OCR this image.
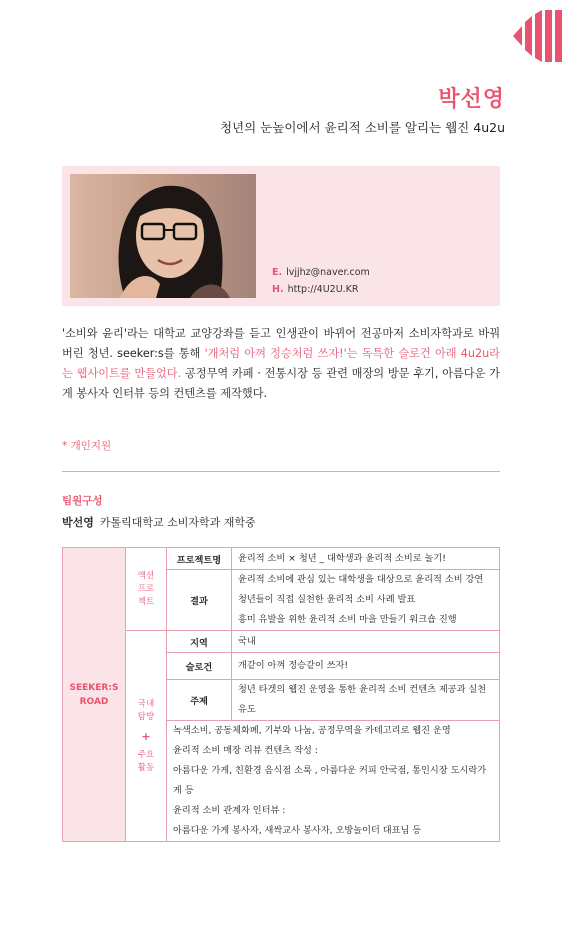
박선영
청년의 눈높이에서 윤리적 소비를 알리는 웹진 4u2u
E. lvjjhz@naver.com
H. http://4U2U.KR
'소비와 윤리'라는 대학교 교양강좌를 듣고 인생관이 바뀌어 전공마저 소비자학과로 바꿔버린 청년. seeker:s를 통해 '개처럼 아껴 정승처럼 쓰자!'는 독특한 슬로건 아래 4u2u라는 웹사이트를 만들었다. 공정무역 카페 · 전통시장 등 관련 매장의 방문 후기, 아름다운 가게 봉사자 인터뷰 등의 컨텐츠를 제작했다.
* 개인지원
팀원구성
박선영 카톨릭대학교 소비자학과 재학중
SEEKER:S
ROAD	액션
프로
젝트	프로젝트명	윤리적 소비 × 청년 _ 대학생과 윤리적 소비로 놀기!
		결과	윤리적 소비에 관심 있는 대학생을 대상으로 윤리적 소비 강연
청년들이 직접 실천한 윤리적 소비 사례 발표
흥미 유발을 위한 윤리적 소비 마을 만들기 워크숍 진행

	국내
탐방
+
주요
활동	지역	국내
		슬로건	개같이 아껴 정승같이 쓰자!
		주제	청년 타겟의 웹진 운영을 통한 윤리적 소비 컨텐츠 제공과 실천 유도

		녹색소비, 공동체화폐, 기부와 나눔, 공정무역을 카테고리로 웹진 운영
윤리적 소비 매장 리뷰 컨텐츠 작성 :
아름다운 가게, 친환경 음식점 소룩 , 아름다운 커피 안국점, 통인시장 도시락가게 등
윤리적 소비 관계자 인터뷰 :
아름다운 가게 봉사자, 새싹교사 봉사자, 오방놀이터 대표님 등	
